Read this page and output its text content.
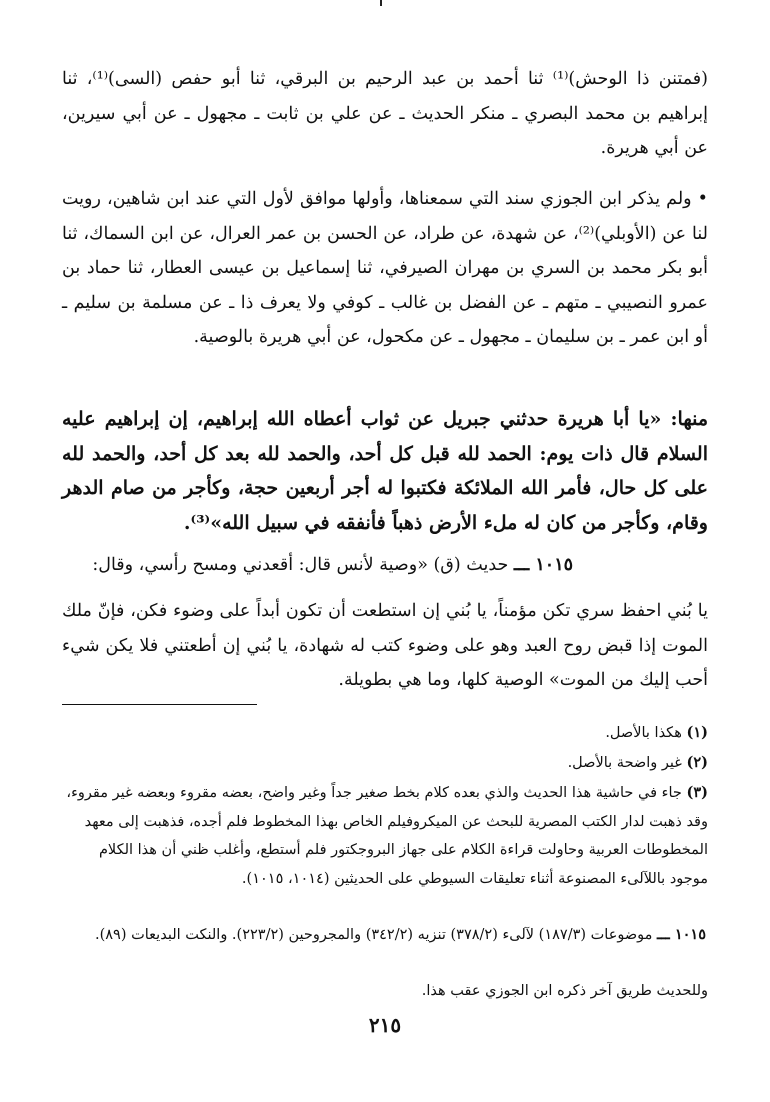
(فمتنن ذا الوحش)⁽¹⁾ ثنا أحمد بن عبد الرحيم بن البرقي، ثنا أبو حفص (السى)⁽¹⁾، ثنا إبراهيم بن محمد البصري ـ منكر الحديث ـ عن علي بن ثابت ـ مجهول ـ عن أبي سيرين، عن أبي هريرة.

• ولم يذكر ابن الجوزي سند التي سمعناها، وأولها موافق لأول التي عند ابن شاهين، رويت لنا عن (الأوبلي)⁽²⁾، عن شهدة، عن طراد، عن الحسن بن عمر العرال، عن ابن السماك، ثنا أبو بكر محمد بن السري بن مهران الصيرفي، ثنا إسماعيل بن عيسى العطار، ثنا حماد بن عمرو النصيبي ـ متهم ـ عن الفضل بن غالب ـ كوفي ولا يعرف ذا ـ عن مسلمة بن سليم ـ أو ابن عمر ـ بن سليمان ـ مجهول ـ عن مكحول، عن أبي هريرة بالوصية.

منها: «يا أبا هريرة حدثني جبريل عن ثواب أعطاه الله إبراهيم، إن إبراهيم عليه السلام قال ذات يوم: الحمد لله قبل كل أحد، والحمد لله بعد كل أحد، والحمد لله على كل حال، فأمر الله الملائكة فكتبوا له أجر أربعين حجة، وكأجر من صام الدهر وقام، وكأجر من كان له ملء الأرض ذهباً فأنفقه في سبيل الله»⁽³⁾.

١٠١٥ ـــ حديث (ق) «وصية لأنس قال: أقعدني ومسح رأسي، وقال:

يا بُني احفظ سري تكن مؤمناً، يا بُني إن استطعت أن تكون أبداً على وضوء فكن، فإنّ ملك الموت إذا قبض روح العبد وهو على وضوء كتب له شهادة، يا بُني إن أطعتني فلا يكن شيء أحب إليك من الموت» الوصية كلها، وما هي بطويلة.

(١) هكذا بالأصل.
(٢) غير واضحة بالأصل.
(٣) جاء في حاشية هذا الحديث والذي بعده كلام بخط صغير جداً وغير واضح، بعضه مقروء وبعضه غير مقروء، وقد ذهبت لدار الكتب المصرية للبحث عن الميكروفيلم الخاص بهذا المخطوط فلم أجده، فذهبت إلى معهد المخطوطات العربية وحاولت قراءة الكلام على جهاز البروجكتور فلم أستطع، وأغلب ظني أن هذا الكلام موجود باللآلىء المصنوعة أثناء تعليقات السيوطي على الحديثين (١٠١٤، ١٠١٥).
١٠١٥ ـــ موضوعات (١٨٧/٣) لآلىء (٣٧٨/٢) تنزيه (٣٤٢/٢) والمجروحين (٢٢٣/٢). والنكت البديعات (٨٩).
وللحديث طريق آخر ذكره ابن الجوزي عقب هذا.
٢١٥
